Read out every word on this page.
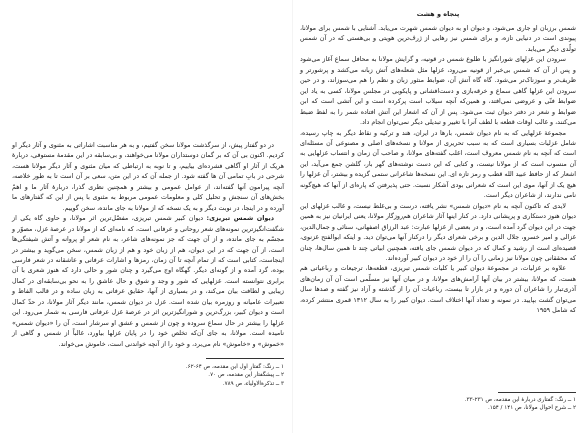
در دو گفتار پیش، از سرگذشت مولانا سخن گفتیم، و به هر مناسبت اشاراتی به مثنوی و آثار دیگر او کردیم. اکنون بی آن که بر گمان دوستداران مولانا می‌خواهند، و بی‌سابقه در این مقدمهٔ مستوفی، دربارهٔ هریک از آثار او آگاهی فشرده‌ای بیاییم، و تا نوبه به ارتباطی که میان مثنوی و آثار دیگر مولانا هست، شرحی در بابِ تمامی آن ها گفته شود. از جمله آن که در این متن، سعی بر آن است تا به طور خلاصه، آنچه پیرامون آنها گفته‌اند، از عوامل عمومی و بیشتر و همچنین نظری گذرا، دربارهٔ آثار ما و اهمّ بخش‌های آن سنجش و تحلیل کلی و معلومات عمومی مربوط به مثنوی با پس از این که گفتارهای ما آورده و در اینجا، در نوبت دیگر و به یک نسخه که از مولانا به جای مانده، سخن گوییم.

دیوان شمس تبریزی: دیوان کبیر شمس تبریزی، مفصّل‌ترین اثر مولانا، و حاوی گاه یکی از شگفت‌انگیزترین نمونه‌های شعر روحانی و عرفانی است، که نامه‌ای که از مولانا در عرصهٔ غزل، مصوّر و مجسّم به جای مانده، و از آن جهت که جز نمونه‌های شاعر، به نام شعر او پروانه و آتش شیفتگی‌ها است، از آن جهت که در این دیوان، هم از زبان خود و هم از زبان شمس، سخن می‌گوید و بیشتر در اینجاست، کتابی است که از تمام آنچه تا آن زمان، رمزها و اشارات عرفانی و عاشقانه در شعر فارسی بوده، گرد آمده و از گونه‌ای دیگر. گهگاه اوج می‌گیرد و چنان شور و حالی دارد که هنوز شعری با آن برابری نتوانسته است. غزلهایی که شور و وجد و شوق و حال عاشق را به نحو بی‌سابقه‌ای در کمال زیبایی و لطافت بیان می‌کند، و در بسیاری از آنها، حقایق عرفانی به زبان ساده و در قالب الفاظ و تعبیرات عامیانه و روزمره بیان شده است. غزل در دیوان شمس، مانند دیگر آثار مولانا، در حدّ کمال است و دیوان کبیر، بزرگ‌ترین و شورانگیزترین اثر در عرصهٔ غزل عرفانی فارسی به شمار می‌رود. این غزلها را بیشتر در حال سماع سروده و چون از شمس و عشق او سرشار است، آن را «دیوان شمس» نامیده است. مولانا، به جای آن‌که تخلص خود را در پایان غزلها بیاورد، غالباً از شمس و گاهی از «خموش» و «خاموش» نام می‌برد، و خود را از آنچه خواندنی است، خاموش می‌خواند.

۱ ــ رنگ: گفتارِ اول این مقدمه، ص ۶۴-۶۲.
۲ ــ پیشگفتار این مقدمه، ص ۷۰.
۳ ــ تذکرةالاولیاء، ص ۷۸۹.
پنجاه و هشت

شمس برزبان او جاری می‌شود، و دیوان او به دیوان شمس شهرت می‌یابد. آشنایی با شمس برای مولانا، پیوندی است در دنیایی تازه، و برای شمس نیز رهایی از ژرف‌ترین هویتی و بی‌هستی که در آن شمس تولّدی دیگر می‌یابد.

سرودن این غزلهای شورانگیز با طلوع شمس در قونیه، و گرایش مولانا به محافل سماع آغاز می‌شود و پس از آن که شمس بی‌خبر از قونیه می‌رود، غزلها مثل شعله‌های آتش زبانه می‌کشد و پرشورتر و ظریف‌تر و سوزناک‌تر می‌شود. گاه گاه آتش آن، ضوابط منثور زبان و نظم را هم می‌سوزاند، و در حین سرودن این غزلها گاهی سماع و خرقه‌بازی و دست‌افشانی و پایکوبی در مجلس مولانا، کسی به یاد این ضوابط فنّی و عروضی نمی‌افتد، و همین‌که آنچه سیلاب است پرکرده است و این آتشی است که ابن ضوابط و شعر در دفتر دیوان ثبت می‌شود. پس از آن که اشعار این آتش افتاده شمر را به لفظ ضبط می‌کنند، و غالب اوقات قطعه با لطف آنرا با تغییر و تبدیلی دیگر نمی‌توان انجام داد.

مجموعهٔ غزلهایی که به نام دیوان شمس، بارها در ایران، هند و ترکیه و نقاط دیگر به چاپ رسیده، شامل غزلیات بسیاری است که به سبب تحریری از مولانا و نسخه‌های اصلی و مصنوعی آن مسئله‌ای است که آنچه به نام شمس معروف است، اغلب گفته‌های مولانا، و صاحب آن زمان و انتساب غزلهایی به آن منسوب است که از مولانا نیست، و کتابی که این دست نوشته‌های گهر بار، گلشن جمع می‌آید، این اشعار که از حافظ عبید الله قطب و رمز تازه ای. این نسخه‌ها شاعرانی ستمی گزیده و بیشتر، آن غزلها را هیچ یک از آنها، موی این است که شعرانی بودی آشکار نسبت. حتی پذیرفتن که پاره‌ای از آنها که هیچ‌گونه نامی ندارند، از شاعران دیگر است.

لایدی که تاکنون آنچه به نام «دیوان شمس» نشر یافته، درست و بی‌غلط نیست، و غالب غزلهای این دیوان هنوز دستکاری و پریشانی دارد. در کنار اینها آثار شاعران هم‌روزگار مولانا، یعنی ایرانیان نیز به همین جهت در این دیوان گرد آمده است، و در بعضی از غزلها عبارت: عبد الرزاق اصفهانی، سنائی و جمال‌الدین، غزالی و امیر خسرو، جلال الدین و برخی شعرای دیگر را درکنار آنها می‌توان دید. و اینکه ابوالفتح غزنوی، قصیده‌ای است از رشید و کمال که در دیوان شمس جای یافته، همچنین ابیاتی چند تا همین سال‌ها، چنان که محققانی چون مولانا نیز زمانی را آن را از خود در دیوان کبیر آورده‌اند.

علاوه بر غزلیات، در مجموعهٔ دیوان کبیر یا کلیات شمس تبریزی، قطعه‌ها، ترجیعات و رباعیاتی هم هست، که مولانا، بیشتر در بیان آنها آرامش‌های مولانا، و در میان آنها نیز مسلّمی است آن آن زمان‌های آذری‌تبار را شاعران آن دوره و در بازار تا بیست، رباعیات آن را از گذشته و آزاد نیز گفته و صدها سال می‌توان گشت بپایید. در نمونه و تعداد آنها اختلاف است. دیوان کبیر را به سال ۱۳۱۲ قمری منتشر کرده، که شامل ۱۹۵۹

۱ ــ رنگ: گفتاری دربارهٔ این مقدمه، ص ۲۳۱-۳۳.
۲ ــ شرح احوال مولانا، ص ۱۴۱ / ۱۵۴.
